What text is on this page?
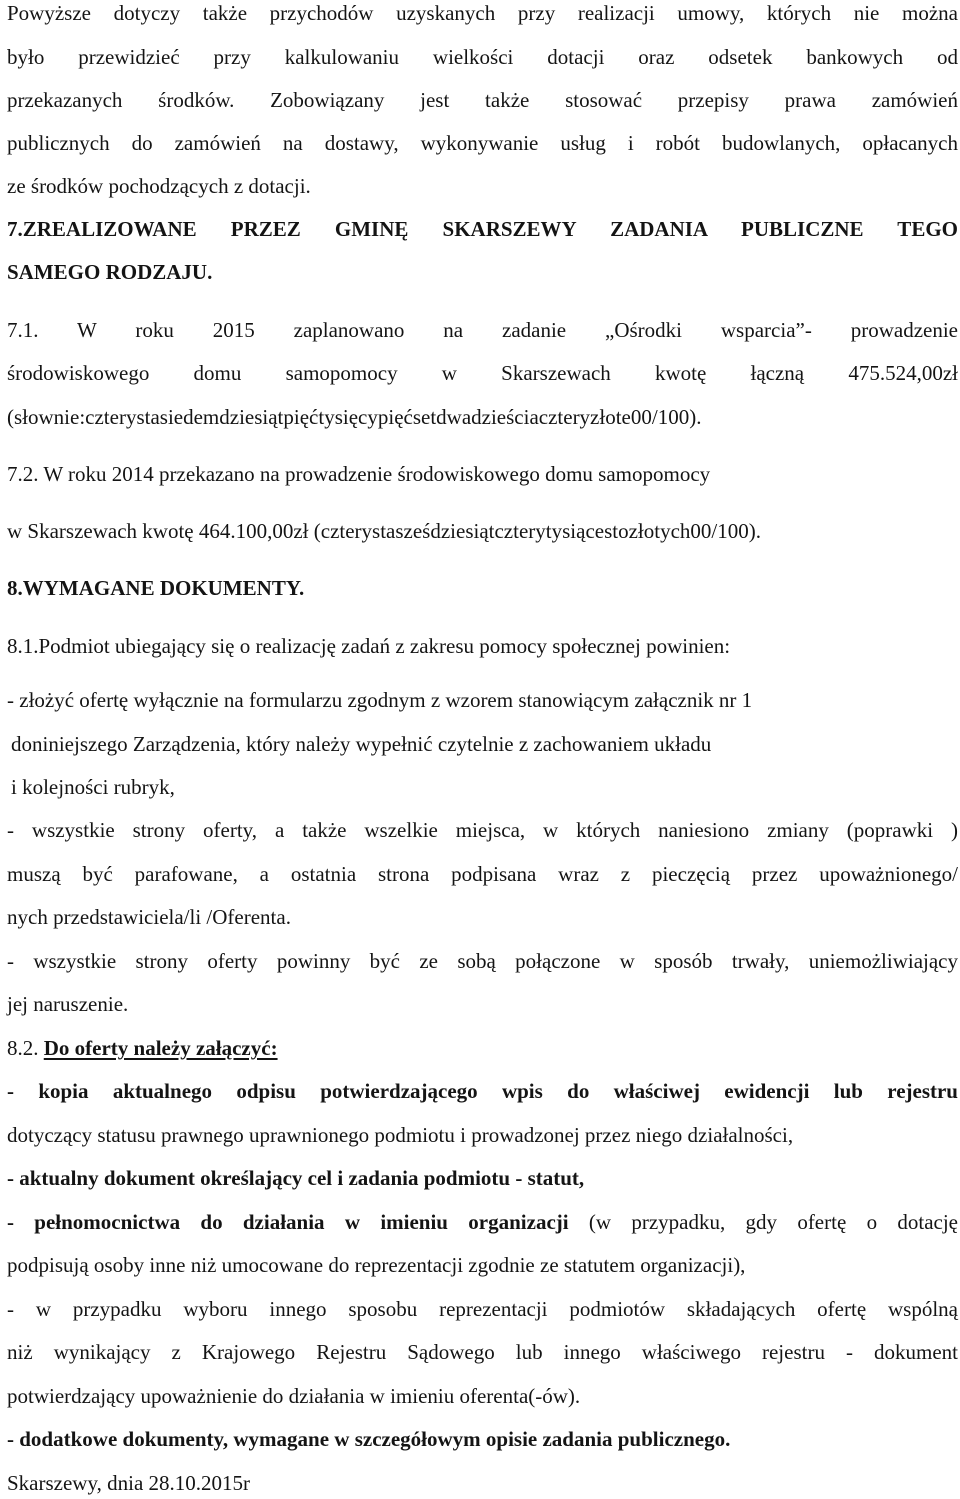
Powyższe dotyczy także przychodów uzyskanych przy realizacji umowy, których nie można
było przewidzieć przy kalkulowaniu wielkości dotacji oraz odsetek bankowych od
przekazanych środków. Zobowiązany jest także stosować przepisy prawa zamówień
publicznych do zamówień na dostawy, wykonywanie usług i robót budowlanych, opłacanych
ze środków pochodzących z dotacji.
7.ZREALIZOWANE PRZEZ GMINĘ SKARSZEWY ZADANIA PUBLICZNE TEGO
SAMEGO RODZAJU.
7.1. W roku 2015 zaplanowano na zadanie „Ośrodki wsparcia”- prowadzenie
środowiskowego domu samopomocy w Skarszewach kwotę łączną 475.524,00zł
(słownie:czterystasiedemdziesiątpięćtysięcypięćsetdwadzieściaczteryzłote00/100).
7.2. W roku 2014 przekazano na prowadzenie środowiskowego domu samopomocy
w Skarszewach kwotę 464.100,00zł (czterystasześdziesiątczterytysiącestozłotych00/100).
8.WYMAGANE DOKUMENTY.
8.1.Podmiot ubiegający się o realizację zadań z zakresu pomocy społecznej powinien:
- złożyć ofertę wyłącznie na formularzu zgodnym z wzorem stanowiącym załącznik nr 1
doniniejszego Zarządzenia, który należy wypełnić czytelnie z zachowaniem układu
i kolejności rubryk,
- wszystkie strony oferty, a także wszelkie miejsca, w których naniesiono zmiany (poprawki )
muszą być parafowane, a ostatnia strona podpisana wraz z pieczęcią przez upoważnionego/
nych przedstawiciela/li /Oferenta.
- wszystkie strony oferty powinny być ze sobą połączone w sposób trwały, uniemożliwiający
jej naruszenie.
8.2. Do oferty należy załączyć:
- kopia aktualnego odpisu potwierdzającego wpis do właściwej ewidencji lub rejestru
dotyczący statusu prawnego uprawnionego podmiotu i prowadzonej przez niego działalności,
- aktualny dokument określający cel i zadania podmiotu - statut,
- pełnomocnictwa do działania w imieniu organizacji (w przypadku, gdy ofertę o dotację
podpisują osoby inne niż umocowane do reprezentacji zgodnie ze statutem organizacji),
- w przypadku wyboru innego sposobu reprezentacji podmiotów składających ofertę wspólną
niż wynikający z Krajowego Rejestru Sądowego lub innego właściwego rejestru - dokument
potwierdzający upoważnienie do działania w imieniu oferenta(-ów).
- dodatkowe dokumenty, wymagane w szczegółowym opisie zadania publicznego.
Skarszewy, dnia 28.10.2015r
